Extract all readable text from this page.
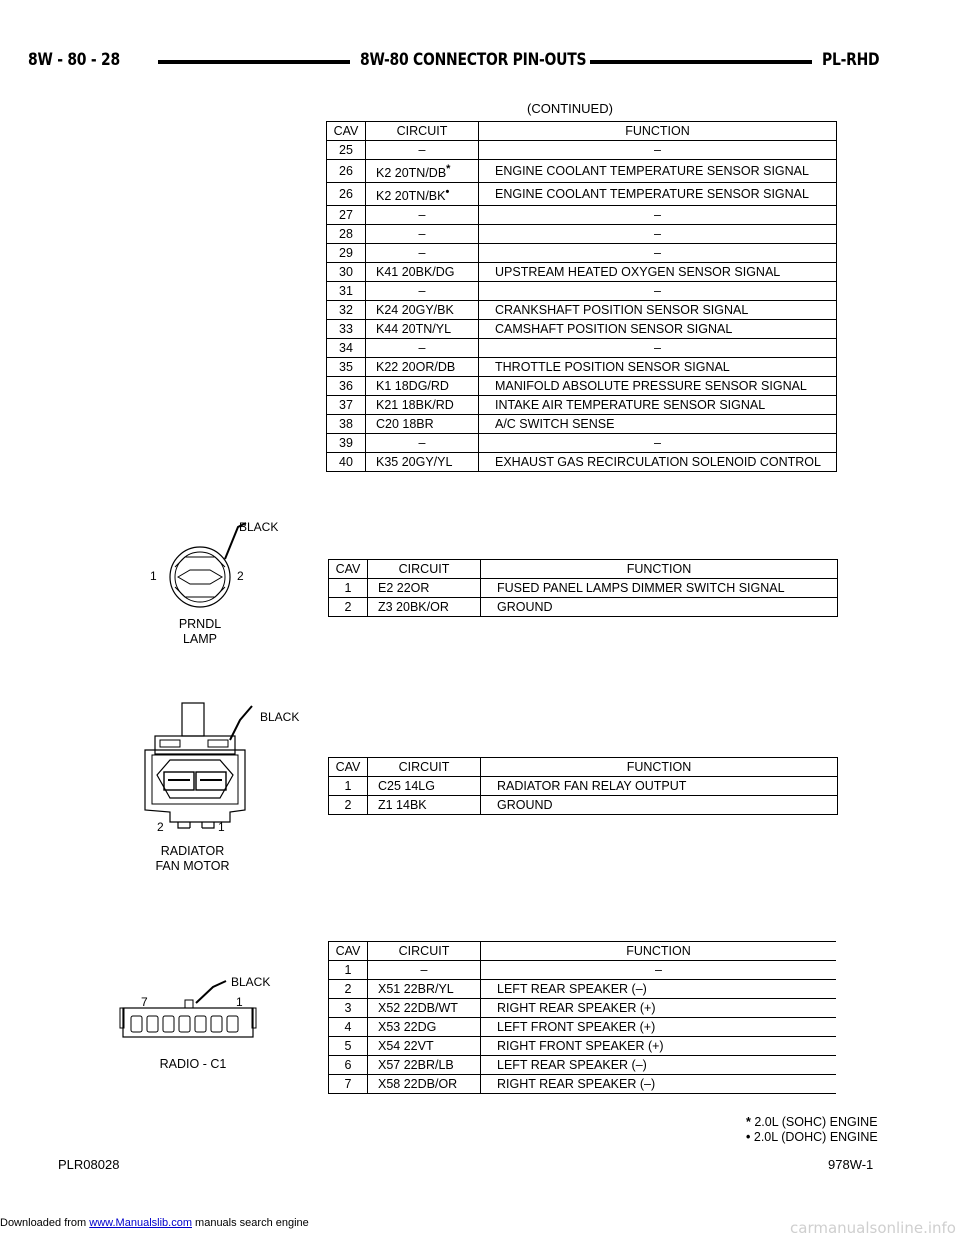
8W - 80 - 28	8W-80 CONNECTOR PIN-OUTS	PL-RHD
(CONTINUED)
CAV	CIRCUIT	FUNCTION
25	–	–
26	K2 20TN/DB*	ENGINE COOLANT TEMPERATURE SENSOR SIGNAL
26	K2 20TN/BK•	ENGINE COOLANT TEMPERATURE SENSOR SIGNAL
27	–	–
28	–	–
29	–	–
30	K41 20BK/DG	UPSTREAM HEATED OXYGEN SENSOR SIGNAL
31	–	–
32	K24 20GY/BK	CRANKSHAFT POSITION SENSOR SIGNAL
33	K44 20TN/YL	CAMSHAFT POSITION SENSOR SIGNAL
34	–	–
35	K22 20OR/DB	THROTTLE POSITION SENSOR SIGNAL
36	K1 18DG/RD	MANIFOLD ABSOLUTE PRESSURE SENSOR SIGNAL
37	K21 18BK/RD	INTAKE AIR TEMPERATURE SENSOR SIGNAL
38	C20 18BR	A/C SWITCH SENSE
39	–	–
40	K35 20GY/YL	EXHAUST GAS RECIRCULATION SOLENOID CONTROL
BLACK
1	2
PRNDL
LAMP
CAV	CIRCUIT	FUNCTION
1	E2 22OR	FUSED PANEL LAMPS DIMMER SWITCH SIGNAL
2	Z3 20BK/OR	GROUND
BLACK
2	1
RADIATOR
FAN MOTOR
CAV	CIRCUIT	FUNCTION
1	C25 14LG	RADIATOR FAN RELAY OUTPUT
2	Z1 14BK	GROUND
BLACK
7	1
RADIO - C1
CAV	CIRCUIT	FUNCTION
1	–	–
2	X51 22BR/YL	LEFT REAR SPEAKER (–)
3	X52 22DB/WT	RIGHT REAR SPEAKER (+)
4	X53 22DG	LEFT FRONT SPEAKER (+)
5	X54 22VT	RIGHT FRONT SPEAKER (+)
6	X57 22BR/LB	LEFT REAR SPEAKER (–)
7	X58 22DB/OR	RIGHT REAR SPEAKER (–)
* 2.0L (SOHC) ENGINE
• 2.0L (DOHC) ENGINE
PLR08028	978W-1
Downloaded from www.Manualslib.com manuals search engine	carmanualsonline.info
